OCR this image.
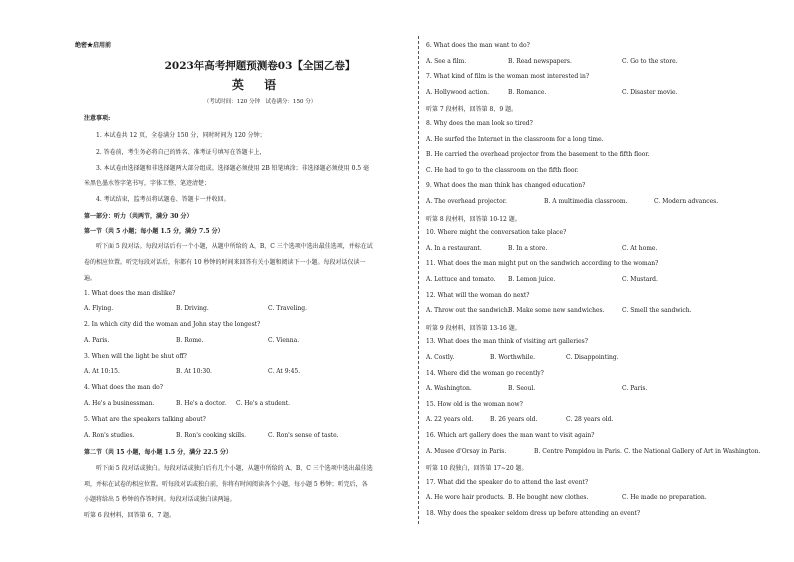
绝密★启用前
2023年高考押题预测卷03【全国乙卷】
英 语
（考试时间：120 分钟　试卷满分：150 分）
注意事项:
1. 本试卷共 12 页，全卷满分 150 分，同时时间为 120 分钟；
2. 答卷前，考生务必将自己的姓名、准考证号填写在答题卡上，
3. 本试卷由选择题和非选择题两大部分组成。选择题必须使用 2B 铅笔填涂；非选择题必须使用 0.5 毫
米黑色墨水签字笔书写，字体工整、笔迹清楚；
4. 考试结束，监考员将试题卷、答题卡一并收回。
第一部分：听力（共两节，满分 30 分）
第一节（共 5 小题；每小题 1.5 分，满分 7.5 分）
听下面 5 段对话。每段对话后有一个小题，从题中所给的 A、B、C 三个选项中选出最佳选项，并标在试
卷的相应位置。听完每段对话后，你都有 10 秒钟的时间来回答有关小题和阅读下一小题。每段对话仅读一
遍。
1. What does the man dislike?
A. Flying.	B. Driving.	C. Traveling.
2. In which city did the woman and John stay the longest?
A. Paris.	B. Rome.	C. Vienna.
3. When will the light be shut off?
A. At 10:15.	B. At 10:30.	C. At 9:45.
4. What does the man do?
A. He's a businessman.	B. He's a doctor. C. He's a student.
5. What are the speakers talking about?
A. Ron's studies.	B. Ron's cooking skills.	C. Ron's sense of taste.
第二节（共 15 小题，每小题 1.5 分，满分 22.5 分）
听下面 5 段对话或独白。每段对话或独白后有几个小题，从题中所给的 A、B、C 三个选项中选出最佳选
项，并标在试卷的相应位置。听每段对话或独白前，你将有时间阅读各个小题，每小题 5 秒钟；听完后，各
小题将给出 5 秒钟的作答时间。每段对话或独白读两遍。
听第 6 段材料，回答第 6、7 题。
6. What does the man want to do?
A. See a film.	B. Read newspapers.	C. Go to the store.
7. What kind of film is the woman most interested in?
A. Hollywood action.	B. Romance.	C. Disaster movie.
听第 7 段材料，回答第 8、9 题。
8. Why does the man look so tired?
A. He surfed the Internet in the classroom for a long time.
B. He carried the overhead projector from the basement to the fifth floor.
C. He had to go to the classroom on the fifth floor.
9. What does the man think has changed education?
A. The overhead projector.	B. A multimedia classroom.	C. Modern advances.
听第 8 段材料，回答第 10-12 题。
10. Where might the conversation take place?
A. In a restaurant.	B. In a store.	C. At home.
11. What does the man might put on the sandwich according to the woman?
A. Lettuce and tomato. B. Lemon juice.	C. Mustard.
12. What will the woman do next?
A. Throw out the sandwich.
B. Make some new sandwiches.	C. Smell the sandwich.
听第 9 段材料，回答第 13-16 题。
13. What does the man think of visiting art galleries?
A. Costly.	B. Worthwhile.	C. Disappointing.
14. Where did the woman go recently?
A. Washington.	B. Seoul.	C. Paris.
15. How old is the woman now?
A. 22 years old.	B. 26 years old.	C. 28 years old.
16. Which art gallery does the man want to visit again?
A. Musee d'Orsay in Paris.	B. Centre Pompidou in Paris. C. the National Gallery of Art in Washington.
听第 10 段独白，回答第 17~20 题。
17. What did the speaker do to attend the last event?
A. He wore hair products. B. He bought new clothes.	C. He made no preparation.
18. Why does the speaker seldom dress up before attending an event?
